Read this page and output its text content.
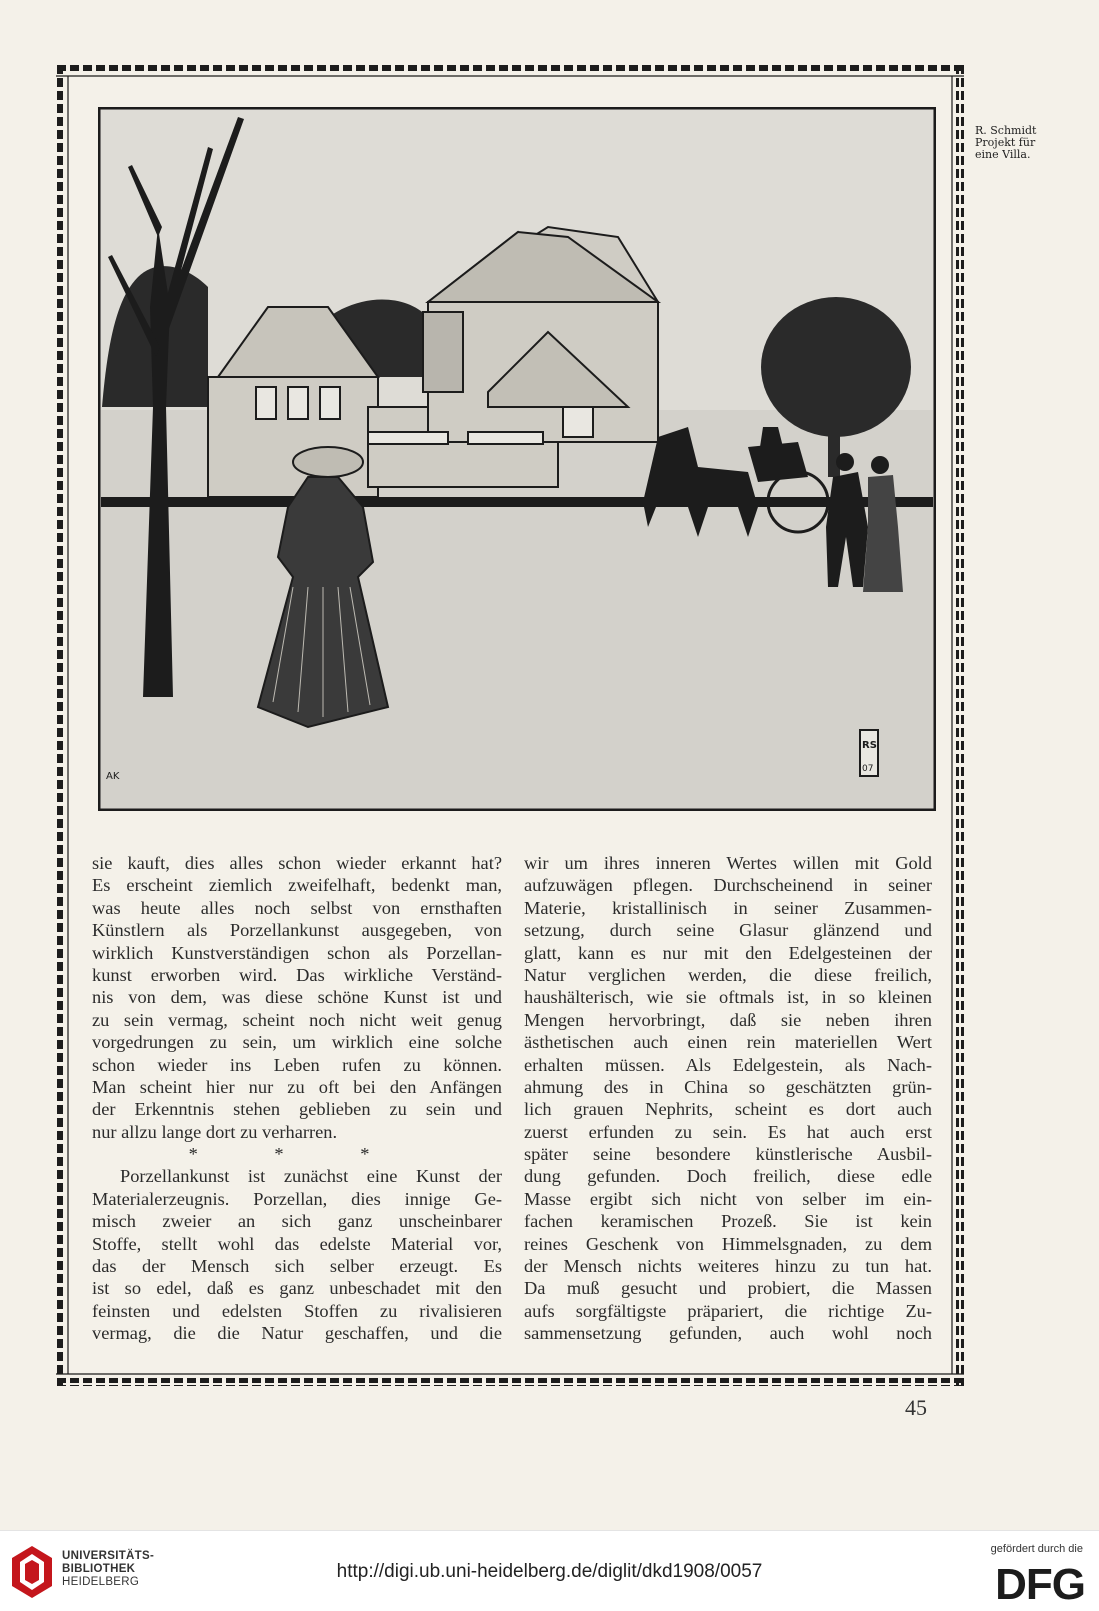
AK
RS
07
R. Schmidt
Projekt für
eine Villa.
sie kauft, dies alles schon wieder erkannt hat?
Es erscheint ziemlich zweifelhaft, bedenkt man,
was heute alles noch selbst von ernsthaften
Künstlern als Porzellankunst ausgegeben, von
wirklich Kunstverständigen schon als Porzellan-
kunst erworben wird. Das wirkliche Verständ-
nis von dem, was diese schöne Kunst ist und
zu sein vermag, scheint noch nicht weit genug
vorgedrungen zu sein, um wirklich eine solche
schon wieder ins Leben rufen zu können.
Man scheint hier nur zu oft bei den Anfängen
der Erkenntnis stehen geblieben zu sein und
nur allzu lange dort zu verharren.
* * *
Porzellankunst ist zunächst eine Kunst der
Materialerzeugnis. Porzellan, dies innige Ge-
misch zweier an sich ganz unscheinbarer
Stoffe, stellt wohl das edelste Material vor,
das der Mensch sich selber erzeugt. Es
ist so edel, daß es ganz unbeschadet mit den
feinsten und edelsten Stoffen zu rivalisieren
vermag, die die Natur geschaffen, und die
wir um ihres inneren Wertes willen mit Gold
aufzuwägen pflegen. Durchscheinend in seiner
Materie, kristallinisch in seiner Zusammen-
setzung, durch seine Glasur glänzend und
glatt, kann es nur mit den Edelgesteinen der
Natur verglichen werden, die diese freilich,
haushälterisch, wie sie oftmals ist, in so kleinen
Mengen hervorbringt, daß sie neben ihren
ästhetischen auch einen rein materiellen Wert
erhalten müssen. Als Edelgestein, als Nach-
ahmung des in China so geschätzten grün-
lich grauen Nephrits, scheint es dort auch
zuerst erfunden zu sein. Es hat auch erst
später seine besondere künstlerische Ausbil-
dung gefunden. Doch freilich, diese edle
Masse ergibt sich nicht von selber im ein-
fachen keramischen Prozeß. Sie ist kein
reines Geschenk von Himmelsgnaden, zu dem
der Mensch nichts weiteres hinzu zu tun hat.
Da muß gesucht und probiert, die Massen
aufs sorgfältigste präpariert, die richtige Zu-
sammensetzung gefunden, auch wohl noch
45
UNIVERSITÄTS-
BIBLIOTHEK
HEIDELBERG	http://digi.ub.uni-heidelberg.de/diglit/dkd1908/0057
gefördert durch die
DFG
